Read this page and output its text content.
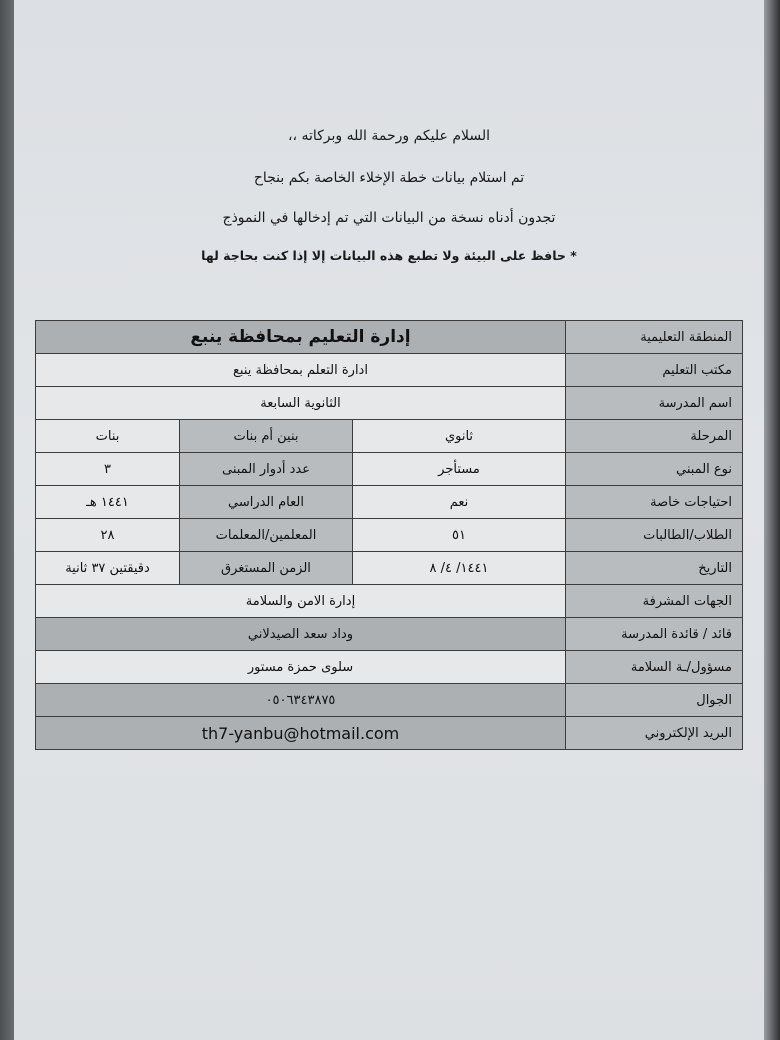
السلام عليكم ورحمة الله وبركاته ،،
تم استلام بيانات خطة الإخلاء الخاصة بكم بنجاح
تجدون أدناه نسخة من البيانات التي تم إدخالها في النموذج
* حافظ على البيئة ولا تطبع هذه البيانات إلا إذا كنت بحاجة لها
المنطقة التعليمية	إدارة التعليم بمحافظة ينبع		
مكتب التعليم	ادارة التعلم بمحافظة ينبع		
اسم المدرسة	الثانوية السابعة		
المرحلة	ثانوي	بنين أم بنات	بنات
نوع المبني	مستأجر	عدد أدوار المبنى	٣
احتياجات خاصة	نعم	العام الدراسي	١٤٤١ هـ
الطلاب/الطالبات	٥١	المعلمين/المعلمات	٢٨
التاريخ	١٤٤١/ ٤/ ٨	الزمن المستغرق	دقيقتين ٣٧ ثانية
الجهات المشرفة	إدارة الامن والسلامة		
قائد / قائدة المدرسة	وداد سعد الصيدلاني		
مسؤول/ـة السلامة	سلوى حمزة مستور		
الجوال	٠٥٠٦٣٤٣٨٧٥		
البريد الإلكتروني	th7-yanbu@hotmail.com		
